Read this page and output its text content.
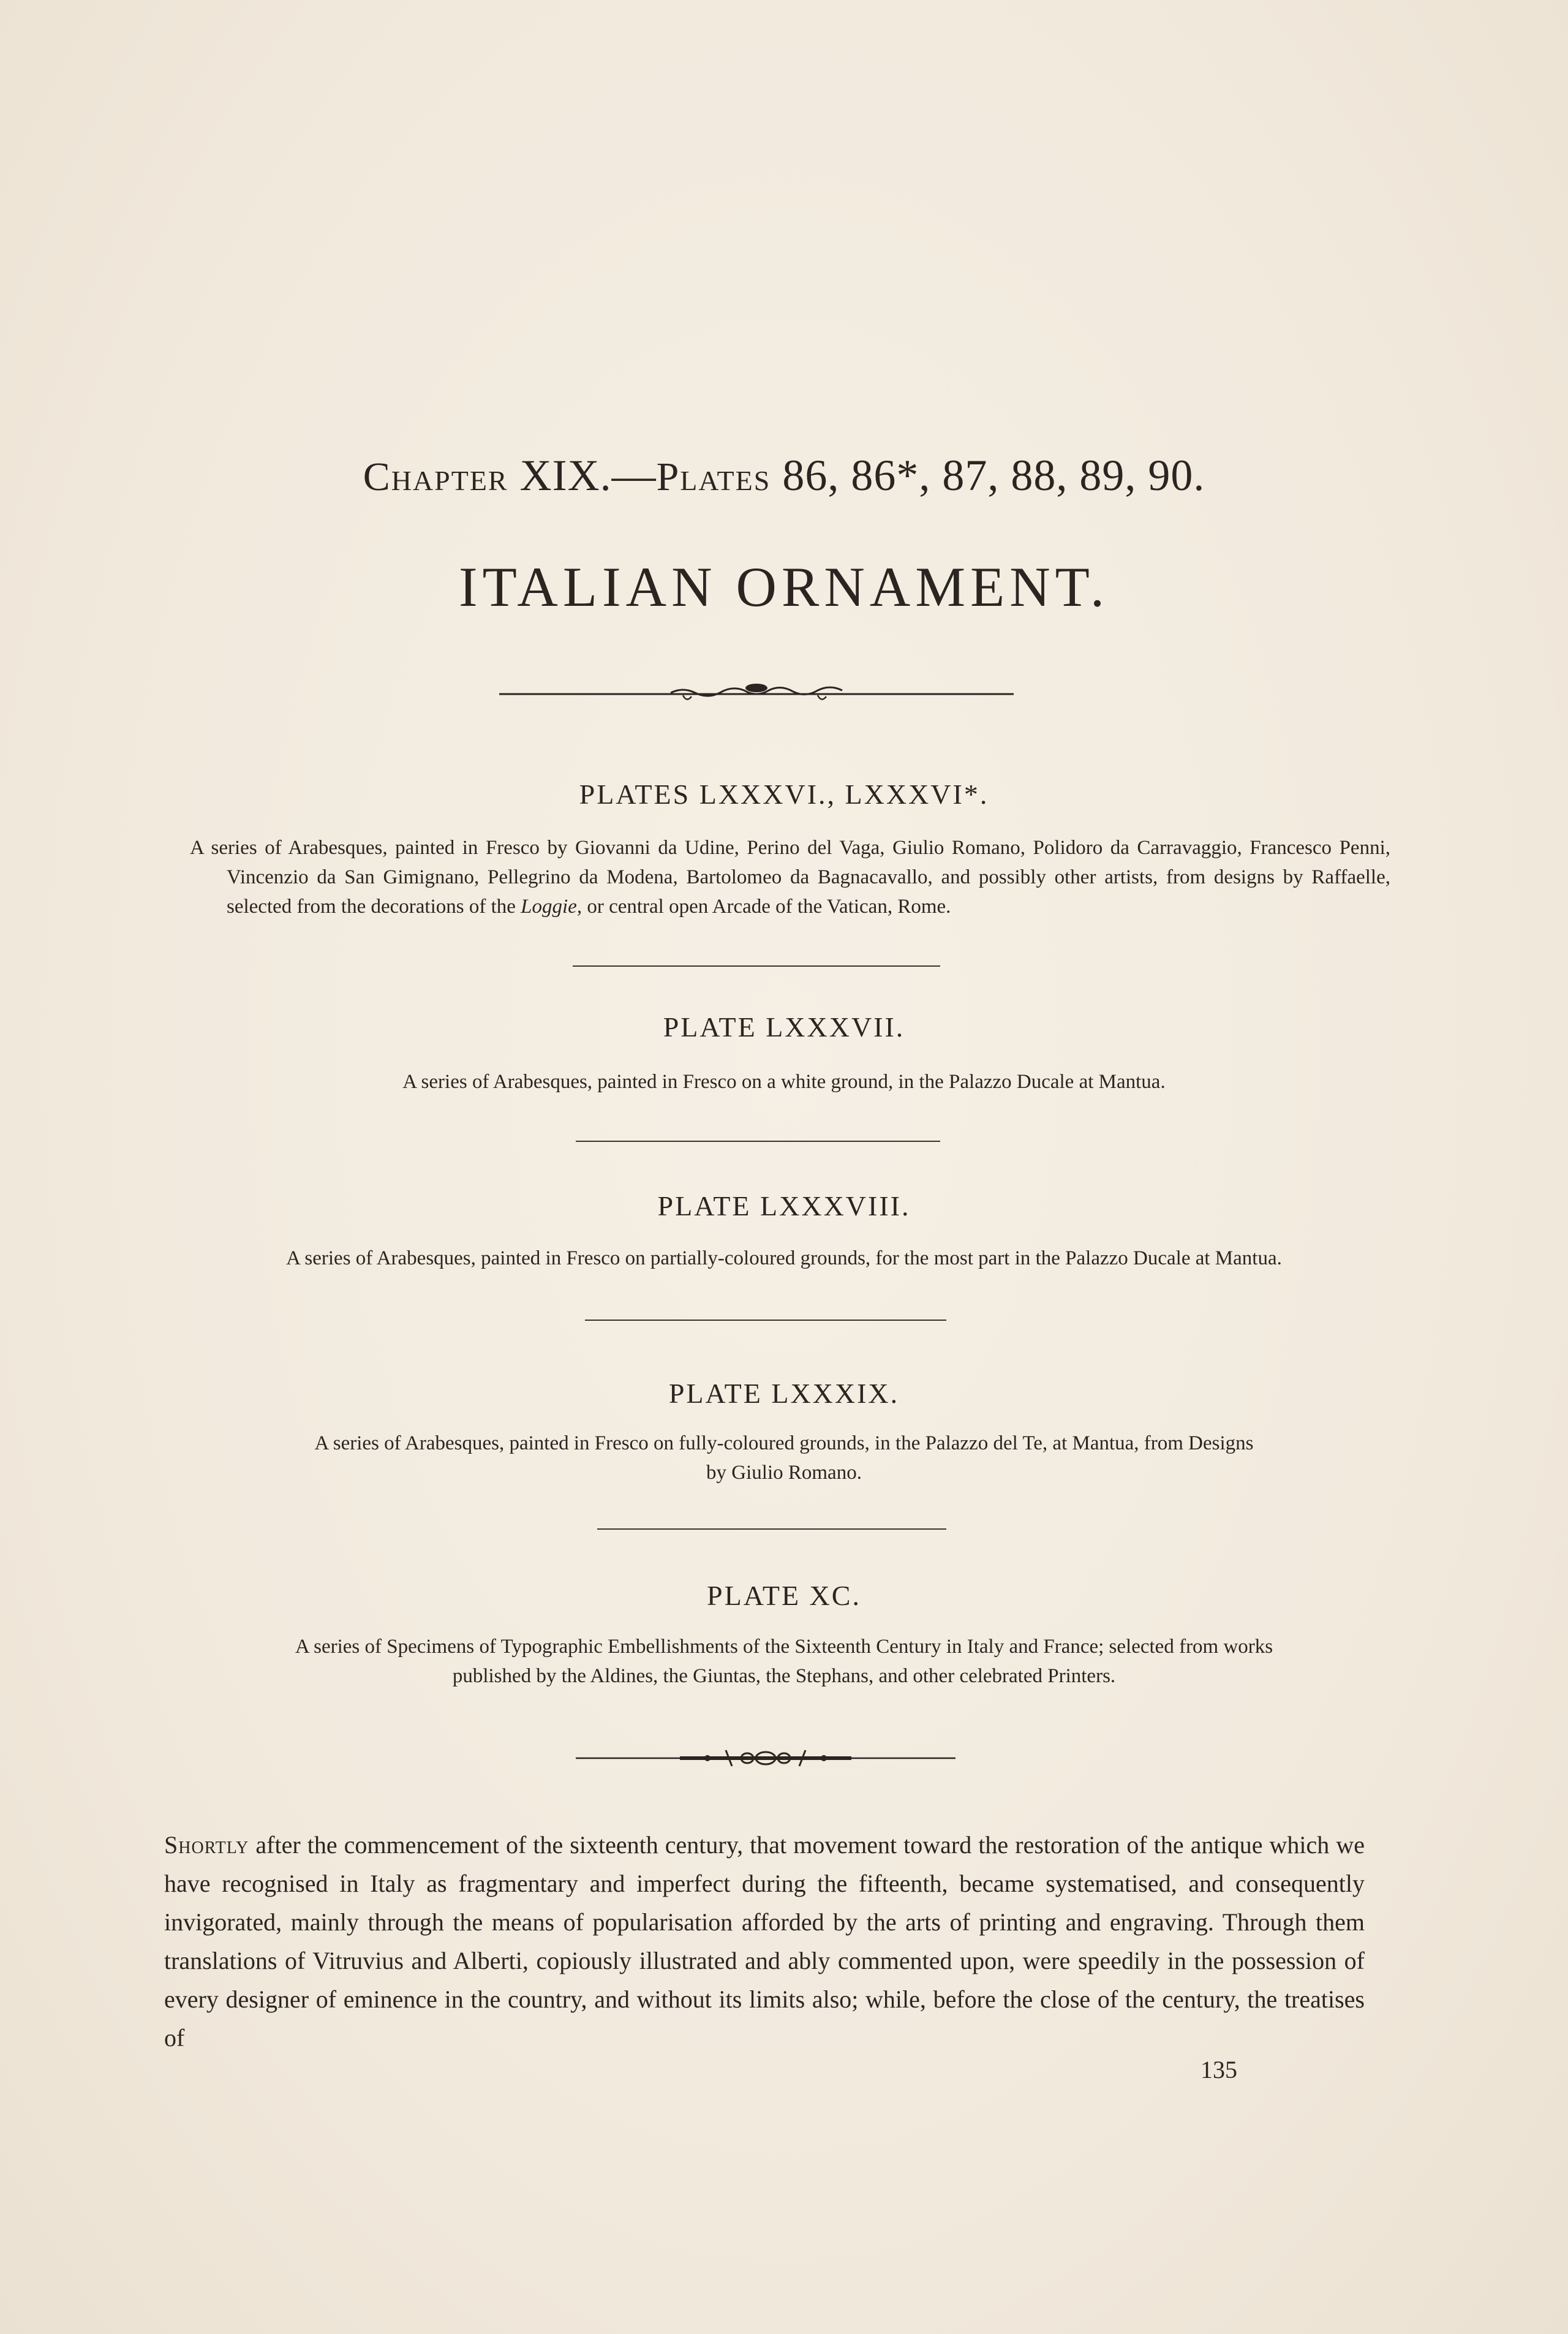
Chapter XIX.—Plates 86, 86*, 87, 88, 89, 90.
ITALIAN ORNAMENT.
PLATES LXXXVI., LXXXVI*.
A series of Arabesques, painted in Fresco by Giovanni da Udine, Perino del Vaga, Giulio Romano, Polidoro da Carravaggio, Francesco Penni, Vincenzio da San Gimignano, Pellegrino da Modena, Bartolomeo da Bagnacavallo, and possibly other artists, from designs by Raffaelle, selected from the decorations of the Loggie, or central open Arcade of the Vatican, Rome.
PLATE LXXXVII.
A series of Arabesques, painted in Fresco on a white ground, in the Palazzo Ducale at Mantua.
PLATE LXXXVIII.
A series of Arabesques, painted in Fresco on partially-coloured grounds, for the most part in the Palazzo Ducale at Mantua.
PLATE LXXXIX.
A series of Arabesques, painted in Fresco on fully-coloured grounds, in the Palazzo del Te, at Mantua, from Designs
by Giulio Romano.
PLATE XC.
A series of Specimens of Typographic Embellishments of the Sixteenth Century in Italy and France; selected from works
published by the Aldines, the Giuntas, the Stephans, and other celebrated Printers.
Shortly after the commencement of the sixteenth century, that movement toward the restoration of the antique which we have recognised in Italy as fragmentary and imperfect during the fifteenth, became systematised, and consequently invigorated, mainly through the means of popularisation afforded by the arts of printing and engraving. Through them translations of Vitruvius and Alberti, copiously illustrated and ably commented upon, were speedily in the possession of every designer of eminence in the country, and without its limits also; while, before the close of the century, the treatises of
135
